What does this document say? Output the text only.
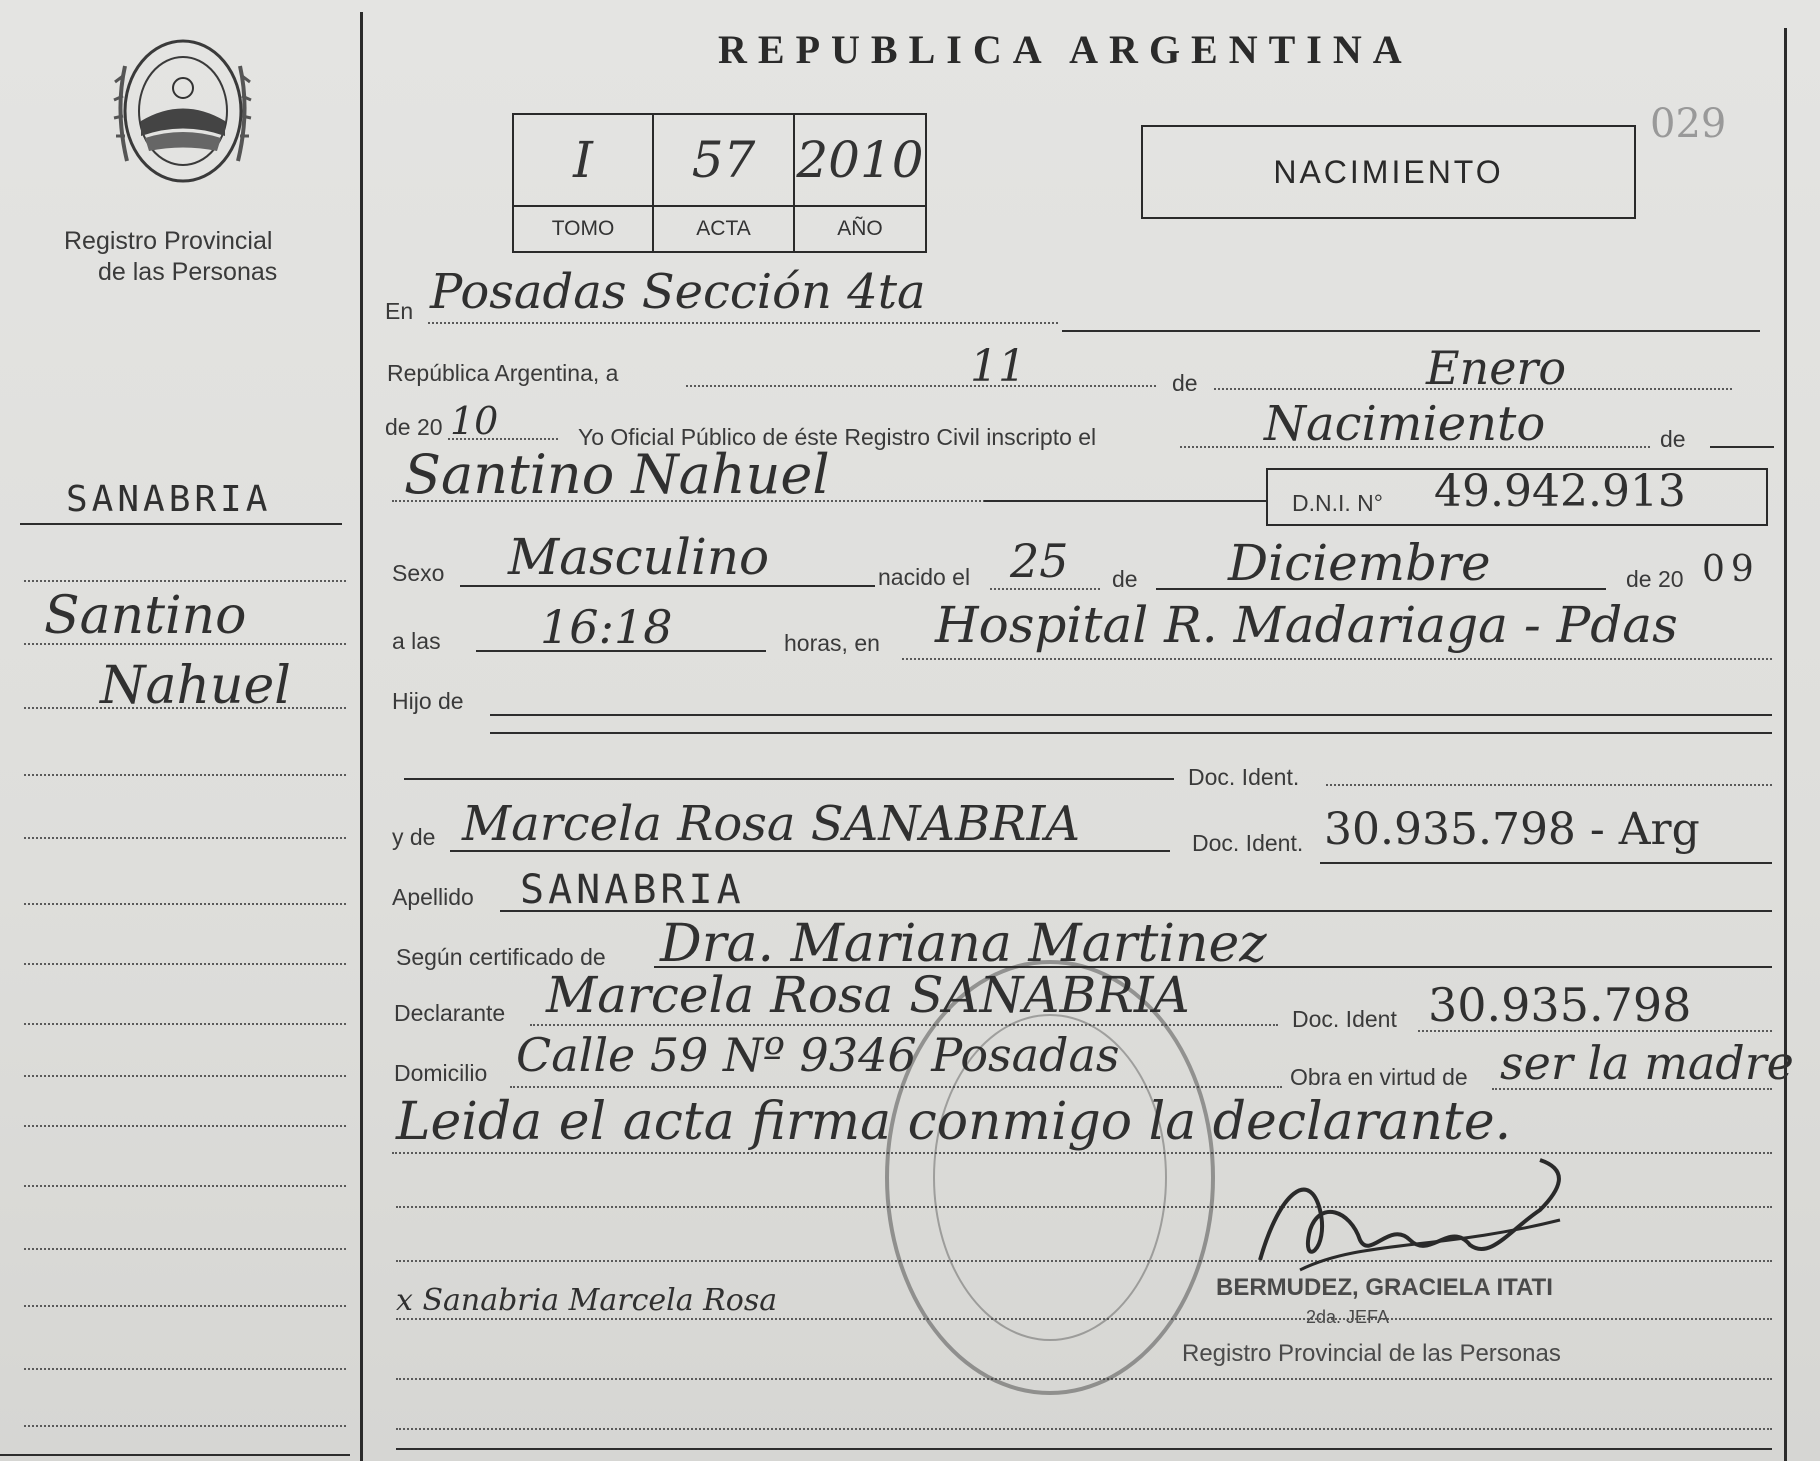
Registro Provincial
de las Personas
SANABRIA
Santino
Nahuel
REPUBLICA ARGENTINA
029
I	57 2010
TOMO	ACTA	AÑO
NACIMIENTO
En Posadas Sección 4ta
República Argentina, a	11	de	Enero
de 20 10	Yo Oficial Público de éste Registro Civil inscripto el	Nacimiento	de
Santino Nahuel	D.N.I. N° 49.942.913
Sexo Masculino	nacido el 25 de Diciembre	de 20 09
a las 16:18	horas, en Hospital R. Madariaga - Pdas
Hijo de
Doc. Ident.
y de Marcela Rosa SANABRIA	Doc. Ident. 30.935.798 - Arg
Apellido SANABRIA
Según certificado de Dra. Mariana Martinez
Declarante Marcela Rosa SANABRIA	Doc. Ident 30.935.798
Domicilio Calle 59 Nº 9346 Posadas	Obra en virtud de ser la madre
Leida el acta firma conmigo la declarante.
x Sanabria Marcela Rosa	BERMUDEZ, GRACIELA ITATI
2da. JEFA
Registro Provincial de las Personas
